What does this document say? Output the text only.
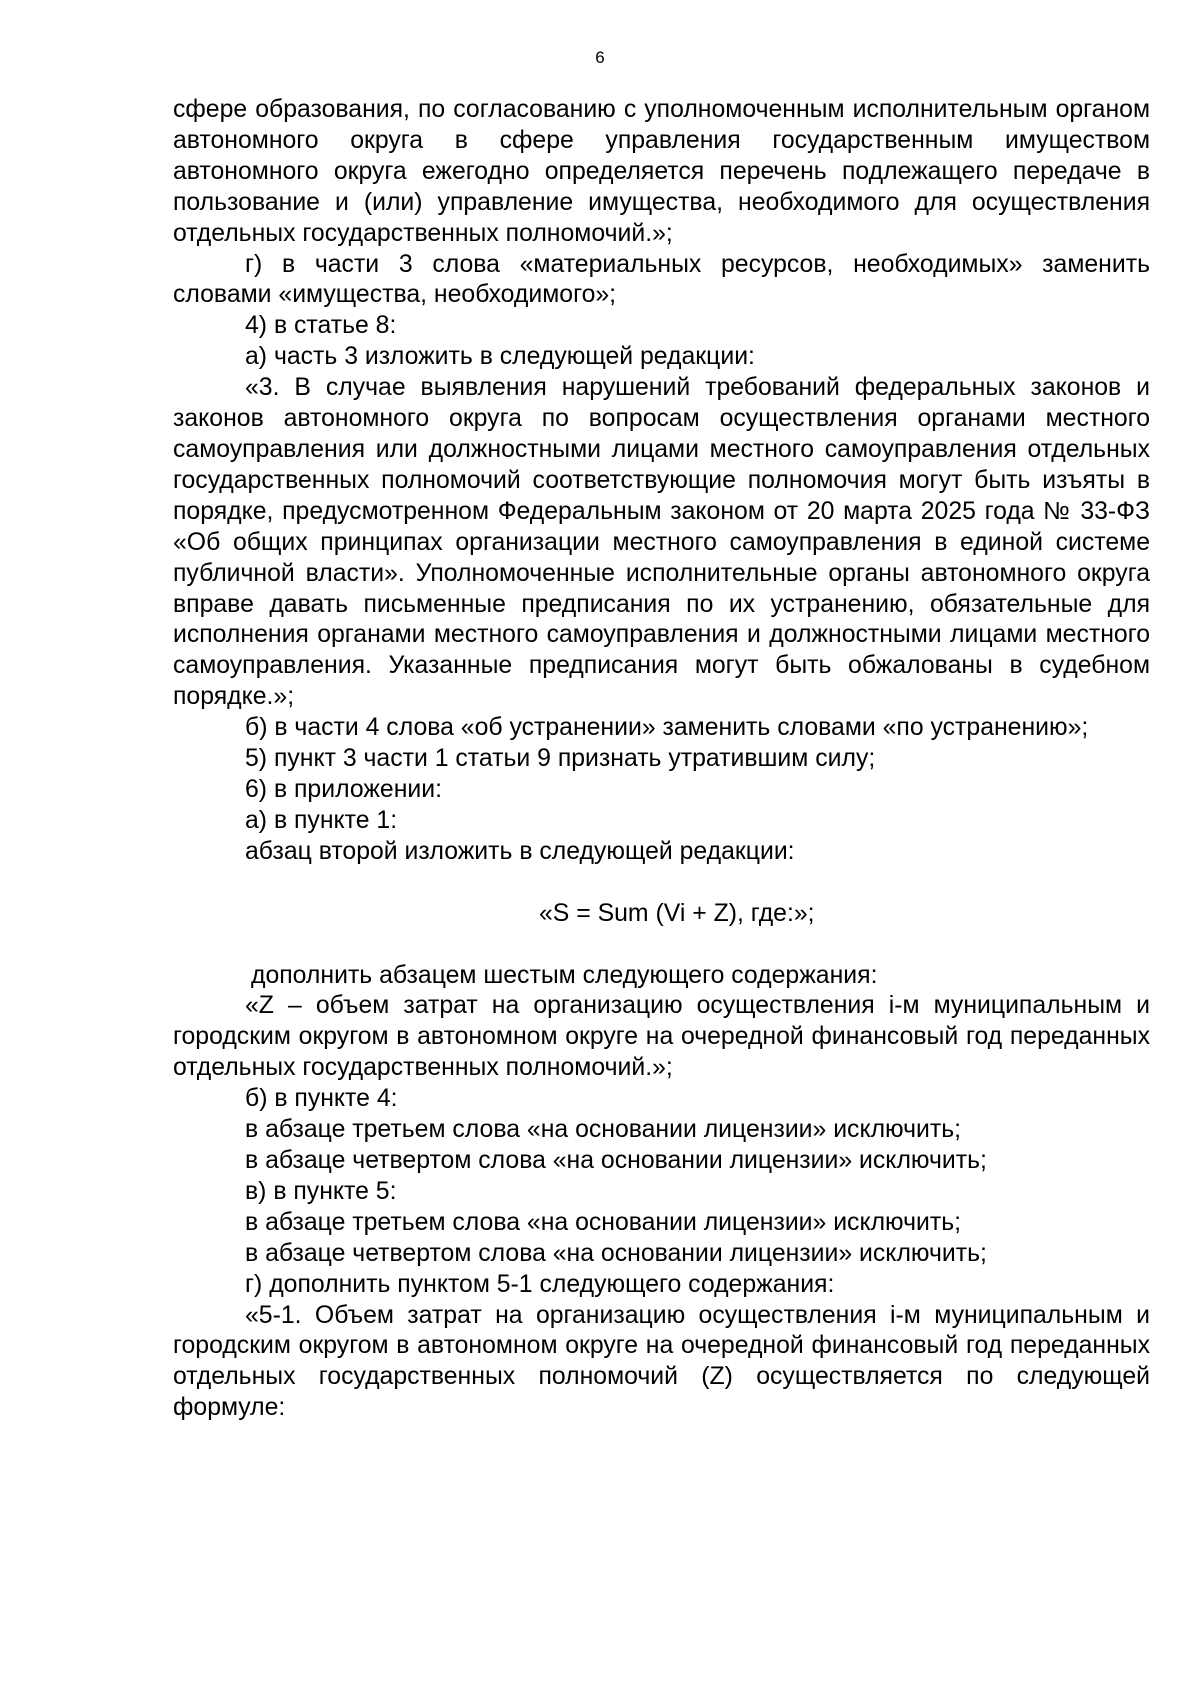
6

сфере образования, по согласованию с уполномоченным исполнительным органом автономного округа в сфере управления государственным имуществом автономного округа ежегодно определяется перечень подлежащего передаче в пользование и (или) управление имущества, необходимого для осуществления отдельных государственных полномочий.»;

г) в части 3 слова «материальных ресурсов, необходимых» заменить словами «имущества, необходимого»;

4) в статье 8:

а) часть 3 изложить в следующей редакции:

«3. В случае выявления нарушений требований федеральных законов и законов автономного округа по вопросам осуществления органами местного самоуправления или должностными лицами местного самоуправления отдельных государственных полномочий соответствующие полномочия могут быть изъяты в порядке, предусмотренном Федеральным законом от 20 марта 2025 года № 33-ФЗ «Об общих принципах организации местного самоуправления в единой системе публичной власти». Уполномоченные исполнительные органы автономного округа вправе давать письменные предписания по их устранению, обязательные для исполнения органами местного самоуправления и должностными лицами местного самоуправления. Указанные предписания могут быть обжалованы в судебном порядке.»;

б) в части 4 слова «об устранении» заменить словами «по устранению»;

5) пункт 3 части 1 статьи 9 признать утратившим силу;

6) в приложении:

а) в пункте 1:

абзац второй изложить в следующей редакции:

«S = Sum (Vi + Z), где:»;

дополнить абзацем шестым следующего содержания:

«Z – объем затрат на организацию осуществления i-м муниципальным и городским округом в автономном округе на очередной финансовый год переданных отдельных государственных полномочий.»;

б) в пункте 4:

в абзаце третьем слова «на основании лицензии» исключить;

в абзаце четвертом слова «на основании лицензии» исключить;

в) в пункте 5:

в абзаце третьем слова «на основании лицензии» исключить;

в абзаце четвертом слова «на основании лицензии» исключить;

г) дополнить пунктом 5-1 следующего содержания:

«5-1. Объем затрат на организацию осуществления i-м муниципальным и городским округом в автономном округе на очередной финансовый год переданных отдельных государственных полномочий (Z) осуществляется по следующей формуле:
